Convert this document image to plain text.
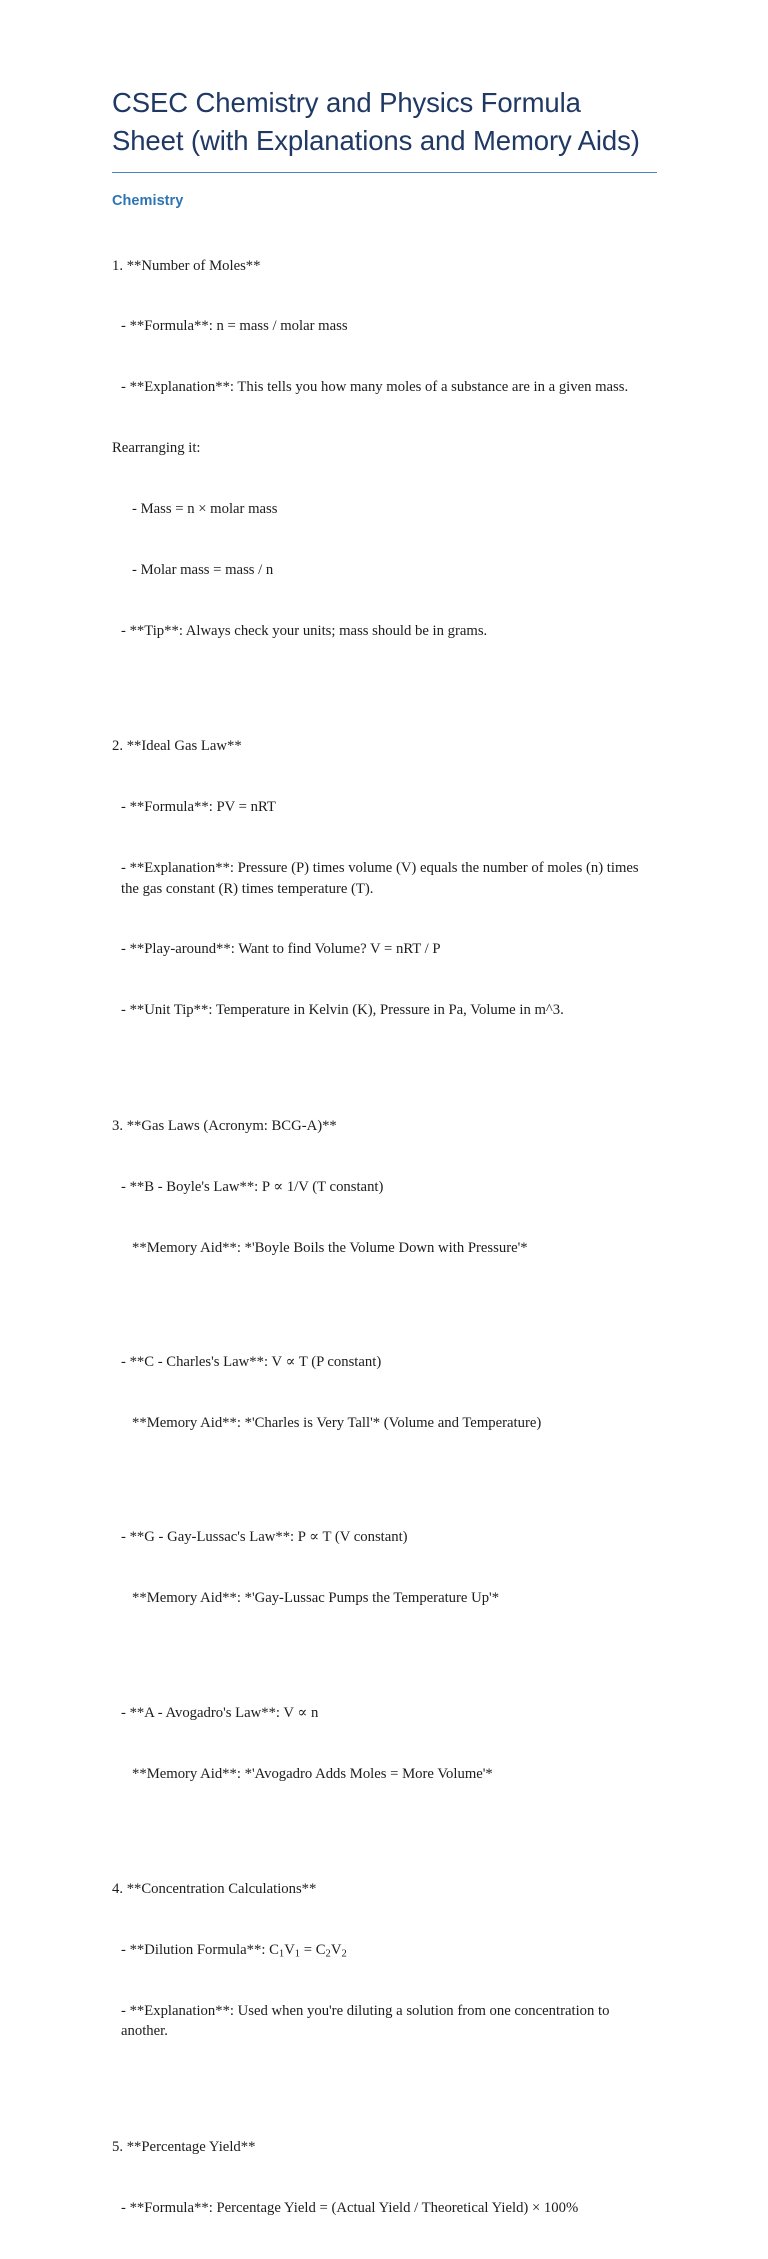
CSEC Chemistry and Physics Formula Sheet (with Explanations and Memory Aids)
Chemistry

1. **Number of Moles**

- **Formula**: n = mass / molar mass

- **Explanation**: This tells you how many moles of a substance are in a given mass.

Rearranging it:

- Mass = n × molar mass

- Molar mass = mass / n

- **Tip**: Always check your units; mass should be in grams.

2. **Ideal Gas Law**

- **Formula**: PV = nRT

- **Explanation**: Pressure (P) times volume (V) equals the number of moles (n) times the gas constant (R) times temperature (T).

- **Play-around**: Want to find Volume? V = nRT / P

- **Unit Tip**: Temperature in Kelvin (K), Pressure in Pa, Volume in m^3.

3. **Gas Laws (Acronym: BCG-A)**

- **B - Boyle's Law**: P ∝ 1/V (T constant)

**Memory Aid**: *'Boyle Boils the Volume Down with Pressure'*

- **C - Charles's Law**: V ∝ T (P constant)

**Memory Aid**: *'Charles is Very Tall'* (Volume and Temperature)

- **G - Gay-Lussac's Law**: P ∝ T (V constant)

**Memory Aid**: *'Gay-Lussac Pumps the Temperature Up'*

- **A - Avogadro's Law**: V ∝ n

**Memory Aid**: *'Avogadro Adds Moles = More Volume'*

4. **Concentration Calculations**

- **Dilution Formula**: $C_1V_1 = C_2V_2$

- **Explanation**: Used when you're diluting a solution from one concentration to another.

5. **Percentage Yield**

- **Formula**: Percentage Yield = (Actual Yield / Theoretical Yield) × 100%
